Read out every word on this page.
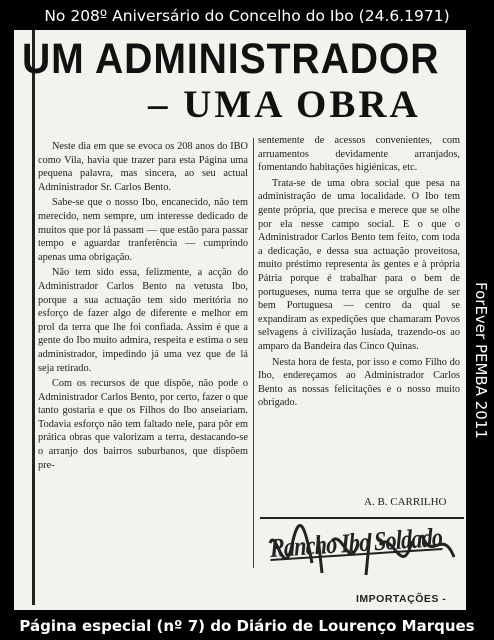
No 208º Aniversário do Concelho do Ibo (24.6.1971)
UM ADMINISTRADOR
– UMA OBRA

Neste dia em que se evoca os 208 anos do IBO como Vila, havia que trazer para esta Página uma pequena palavra, mas sincera, ao seu actual Administrador Sr. Carlos Bento.

Sabe-se que o nosso Ibo, encanecido, não tem merecido, nem sempre, um interesse dedicado de muitos que por lá passam — que estão para passar tempo e aguardar tranferência — cumprindo apenas uma obrigação.

Não tem sido essa, felizmente, a acção do Administrador Carlos Bento na vetusta Ibo, porque a sua actuação tem sido meritória no esforço de fazer algo de diferente e melhor em prol da terra que lhe foi confiada. Assim é que a gente do Ibo muito admira, respeita e estima o seu administrador, impedindo já uma vez que de lá seja retirado.

Com os recursos de que dispõe, não pode o Administrador Carlos Bento, por certo, fazer o que tanto gostaria e que os Filhos do Ibo anseiariam. Todavia esforço não tem faltado nele, para pôr em prática obras que valorizam a terra, destacando-se o arranjo dos bairros suburbanos, que dispõem pre-

sentemente de acessos convenientes, com arruamentos devidamente arranjados, fomentando habitações higiénicas, etc.

Trata-se de uma obra social que pesa na administração de uma localidade. O Ibo tem gente própria, que precisa e merece que se olhe por ela nesse campo social. E o que o Administrador Carlos Bento tem feito, com toda a dedicação, e dessa sua actuação proveitosa, muito préstimo representa às gentes e à própria Pátria porque é trabalhar para o bem de portugueses, numa terra que se orgulhe de ser bem Portuguesa — centro da qual se expandiram as expedições que chamaram Povos selvagens à civilização lusíada, trazendo-os ao amparo da Bandeira das Cinco Quinas.

Nesta hora de festa, por isso e como Filho do Ibo, endereçamos ao Administrador Carlos Bento as nossas felicitações e o nosso muito obrigado.

A. B. CARRILHO
Rancho Ibo Soldado
IMPORTAÇÕES -
ForEver PEMBA 2011
Página especial (nº 7) do Diário de Lourenço Marques
